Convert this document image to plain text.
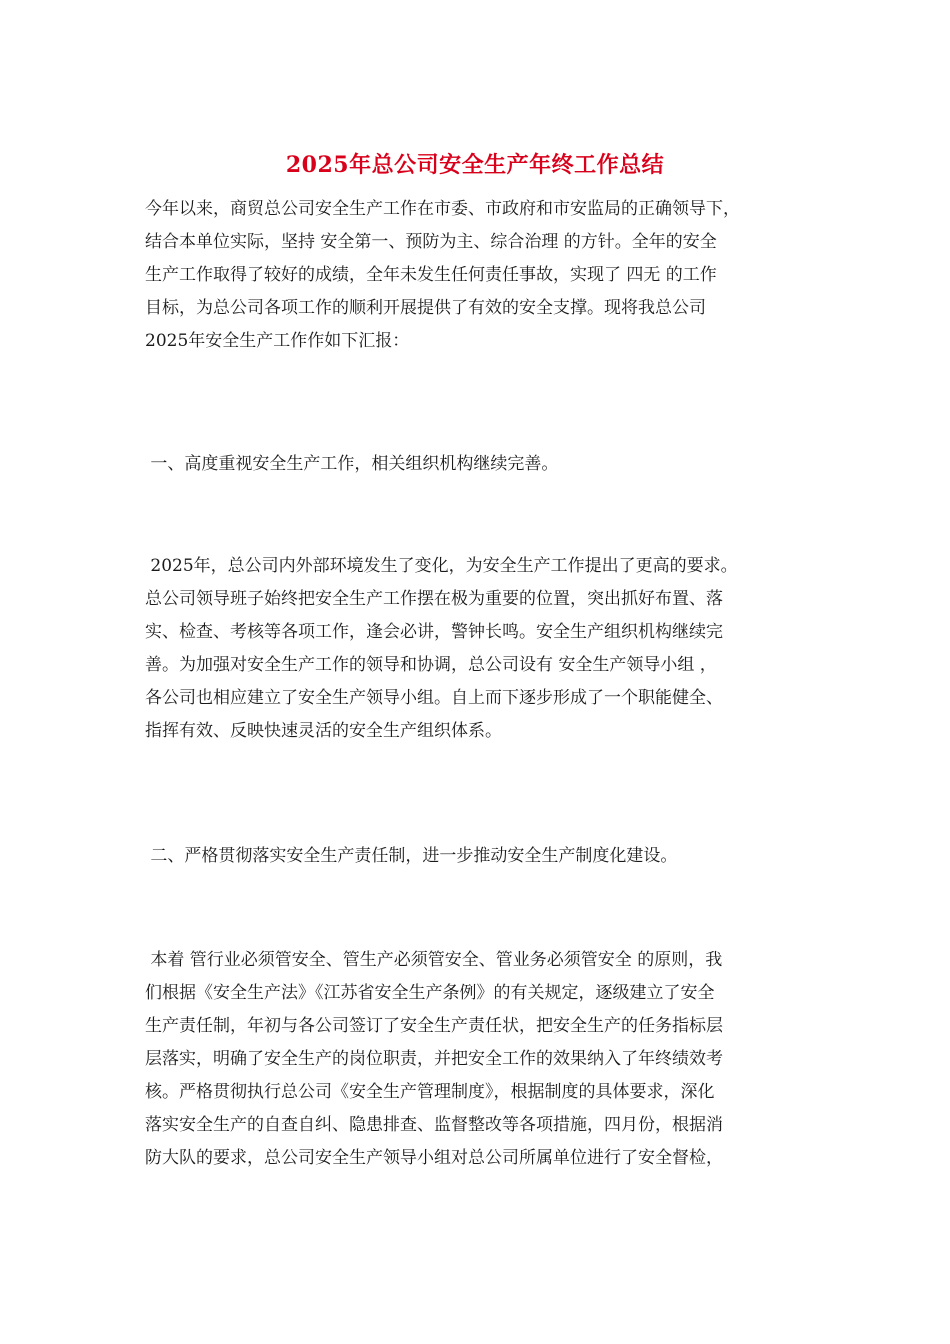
2025年总公司安全生产年终工作总结
今年以来，商贸总公司安全生产工作在市委、市政府和市安监局的正确领导下，
结合本单位实际，坚持 安全第一、预防为主、综合治理 的方针。全年的安全
生产工作取得了较好的成绩，全年未发生任何责任事故，实现了 四无 的工作
目标，为总公司各项工作的顺利开展提供了有效的安全支撑。现将我总公司
2025年安全生产工作作如下汇报：
一、高度重视安全生产工作，相关组织机构继续完善。
2025年，总公司内外部环境发生了变化，为安全生产工作提出了更高的要求。
总公司领导班子始终把安全生产工作摆在极为重要的位置，突出抓好布置、落
实、检查、考核等各项工作，逢会必讲，警钟长鸣。安全生产组织机构继续完
善。为加强对安全生产工作的领导和协调，总公司设有 安全生产领导小组 ，
各公司也相应建立了安全生产领导小组。自上而下逐步形成了一个职能健全、
指挥有效、反映快速灵活的安全生产组织体系。
二、严格贯彻落实安全生产责任制，进一步推动安全生产制度化建设。
本着 管行业必须管安全、管生产必须管安全、管业务必须管安全 的原则，我
们根据《安全生产法》《江苏省安全生产条例》的有关规定，逐级建立了安全
生产责任制，年初与各公司签订了安全生产责任状，把安全生产的任务指标层
层落实，明确了安全生产的岗位职责，并把安全工作的效果纳入了年终绩效考
核。严格贯彻执行总公司《安全生产管理制度》，根据制度的具体要求，深化
落实安全生产的自查自纠、隐患排查、监督整改等各项措施，四月份，根据消
防大队的要求，总公司安全生产领导小组对总公司所属单位进行了安全督检，
